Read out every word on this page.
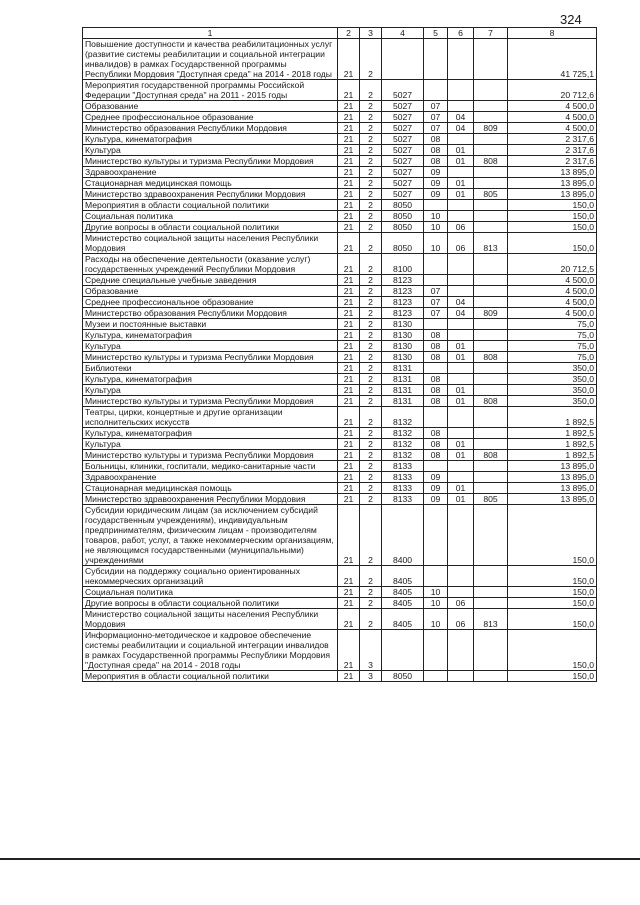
324
1	2	3	4	5	6	7	8
Повышение доступности и качества реабилитационных услуг (развитие системы реабилитации и социальной интеграции инвалидов) в рамках Государственной программы Республики Мордовия "Доступная среда" на 2014 - 2018 годы	21	2					41 725,1
Мероприятия государственной программы Российской Федерации "Доступная среда" на 2011 - 2015 годы	21	2	5027				20 712,6
Образование	21	2	5027	07			4 500,0
Среднее профессиональное образование	21	2	5027	07	04		4 500,0
Министерство образования Республики Мордовия	21	2	5027	07	04	809	4 500,0
Культура, кинематография	21	2	5027	08			2 317,6
Культура	21	2	5027	08	01		2 317,6
Министерство культуры и туризма Республики Мордовия	21	2	5027	08	01	808	2 317,6
Здравоохранение	21	2	5027	09			13 895,0
Стационарная медицинская помощь	21	2	5027	09	01		13 895,0
Министерство здравоохранения Республики Мордовия	21	2	5027	09	01	805	13 895,0
Мероприятия в области социальной политики	21	2	8050				150,0
Социальная политика	21	2	8050	10			150,0
Другие вопросы в области социальной политики	21	2	8050	10	06		150,0
Министерство социальной защиты населения Республики Мордовия	21	2	8050	10	06	813	150,0
Расходы на обеспечение деятельности (оказание услуг) государственных учреждений Республики Мордовия	21	2	8100				20 712,5
Средние специальные учебные заведения	21	2	8123				4 500,0
Образование	21	2	8123	07			4 500,0
Среднее профессиональное образование	21	2	8123	07	04		4 500,0
Министерство образования Республики Мордовия	21	2	8123	07	04	809	4 500,0
Музеи и постоянные выставки	21	2	8130				75,0
Культура, кинематография	21	2	8130	08			75,0
Культура	21	2	8130	08	01		75,0
Министерство культуры и туризма Республики Мордовия	21	2	8130	08	01	808	75,0
Библиотеки	21	2	8131				350,0
Культура, кинематография	21	2	8131	08			350,0
Культура	21	2	8131	08	01		350,0
Министерство культуры и туризма Республики Мордовия	21	2	8131	08	01	808	350,0
Театры, цирки, концертные и другие организации исполнительских искусств	21	2	8132				1 892,5
Культура, кинематография	21	2	8132	08			1 892,5
Культура	21	2	8132	08	01		1 892,5
Министерство культуры и туризма Республики Мордовия	21	2	8132	08	01	808	1 892,5
Больницы, клиники, госпитали, медико-санитарные части	21	2	8133				13 895,0
Здравоохранение	21	2	8133	09			13 895,0
Стационарная медицинская помощь	21	2	8133	09	01		13 895,0
Министерство здравоохранения Республики Мордовия	21	2	8133	09	01	805	13 895,0
Субсидии юридическим лицам (за исключением субсидий государственным учреждениям), индивидуальным предпринимателям, физическим лицам - производителям товаров, работ, услуг, а также некоммерческим организациям, не являющимся государственными (муниципальными) учреждениями	21	2	8400				150,0
Субсидии на поддержку социально ориентированных некоммерческих организаций	21	2	8405				150,0
Социальная политика	21	2	8405	10			150,0
Другие вопросы в области социальной политики	21	2	8405	10	06		150,0
Министерство социальной защиты населения Республики Мордовия	21	2	8405	10	06	813	150,0
Информационно-методическое и кадровое обеспечение системы реабилитации и социальной интеграции инвалидов в рамках Государственной программы Республики Мордовия "Доступная среда" на 2014 - 2018 годы	21	3					150,0
Мероприятия в области социальной политики	21	3	8050				150,0
